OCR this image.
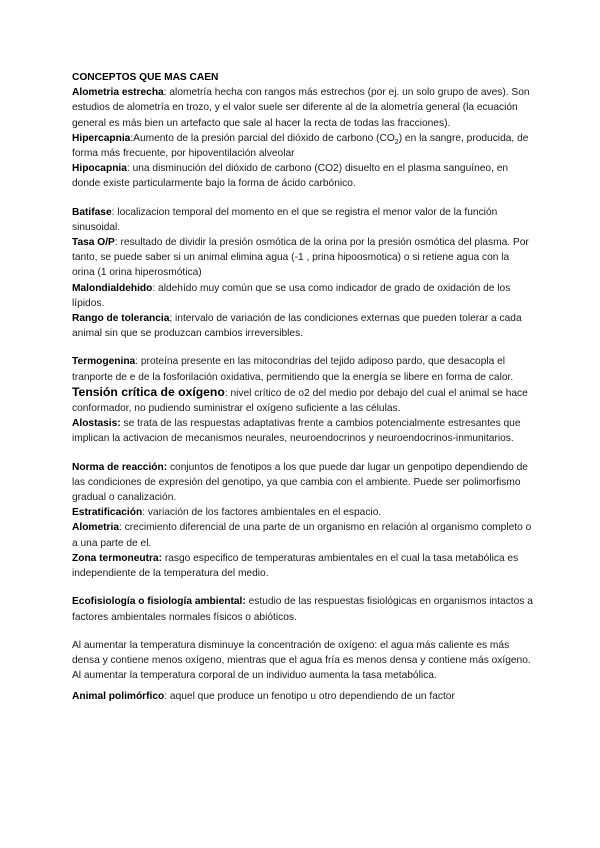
CONCEPTOS QUE MAS CAEN

Alometria estrecha: alometría hecha con rangos más estrechos (por ej. un solo grupo de aves). Son estudios de alometría en trozo, y el valor suele ser diferente al de la alometría general (la ecuación general es más bien un artefacto que sale al hacer la recta de todas las fracciones).

Hipercapnia:Aumento de la presión parcial del dióxido de carbono $(CO_2)$ en la sangre, producida, de forma más frecuente, por hipoventilación alveolar

Hipocapnia: una disminución del dióxido de carbono (CO2) disuelto en el plasma sanguíneo, en donde existe particularmente bajo la forma de ácido carbónico.

Batifase: localizacion temporal del momento en el que se registra el menor valor de la función sinusoidal.

Tasa O/P: resultado de dividir la presión osmótica de la orina por la presión osmótica del plasma. Por tanto, se puede saber si un animal elimina agua (-1 , prina hipoosmotica) o si retiene agua con la orina (1 orina hiperosmótica)

Malondialdehido: aldehído muy común que se usa como indicador de grado de oxidación de los lípidos.

Rango de tolerancia; intervalo de variación de las condiciones externas que pueden tolerar a cada animal sin que se produzcan cambios irreversibles.

Termogenina: proteína presente en las mitocondrias del tejido adiposo pardo, que desacopla el tranporte de e de la fosforilación oxidativa, permitiendo que la energía se libere en forma de calor.

Tensión crítica de oxígeno: nivel crítico de o2 del medio por debajo del cual el animal se hace conformador, no pudiendo suministrar el oxígeno suficiente a las células.

Alostasis: se trata de las respuestas adaptativas frente a cambios potencialmente estresantes que implican la activacion de mecanismos neurales, neuroendocrinos y neuroendocrinos-inmunitarios.

Norma de reacción: conjuntos de fenotipos a los que puede dar lugar un genpotipo dependiendo de las condiciones de expresión del genotipo, ya que cambia con el ambiente. Puede ser polimorfismo gradual o canalización.

Estratificación: variación de los factores ambientales en el espacio.

Alometria: crecimiento diferencial de una parte de un organismo en relación al organismo completo o a una parte de el.

Zona termoneutra: rasgo especifico de temperaturas ambientales en el cual la tasa metabólica es independiente de la temperatura del medio.

Ecofisiología o fisiología ambiental: estudio de las respuestas fisiológicas en organismos intactos a factores ambientales normales físicos o abióticos.

Al aumentar la temperatura disminuye la concentración de oxígeno: el agua más caliente es más densa y contiene menos oxígeno, mientras que el agua fría es menos densa y contiene más oxígeno.

Al aumentar la temperatura corporal de un individuo aumenta la tasa metabólica.

Animal polimórfico: aquel que produce un fenotipo u otro dependiendo de un factor
